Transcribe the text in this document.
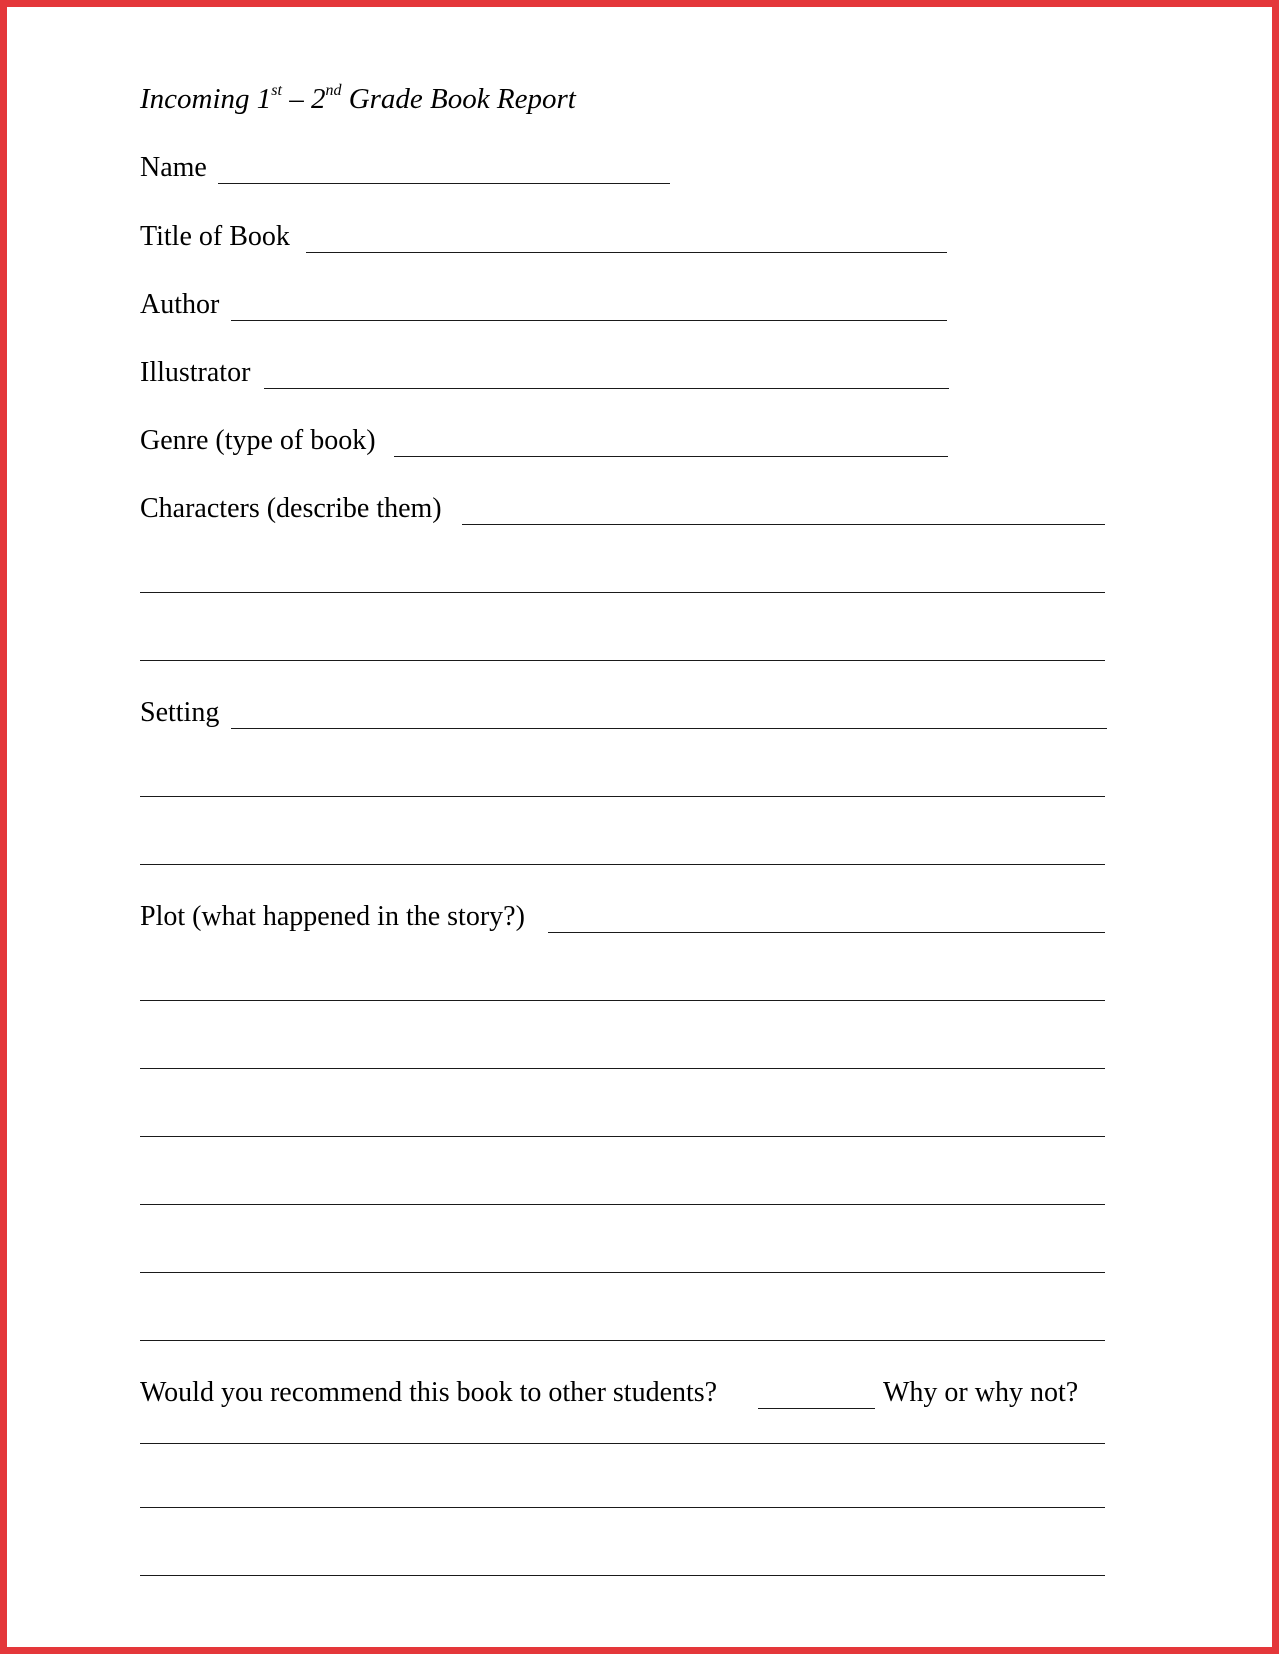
Incoming 1st – 2nd Grade Book Report
Name
Title of Book
Author
Illustrator
Genre (type of book)
Characters (describe them)
Setting
Plot (what happened in the story?)
Would you recommend this book to other students?	Why or why not?
